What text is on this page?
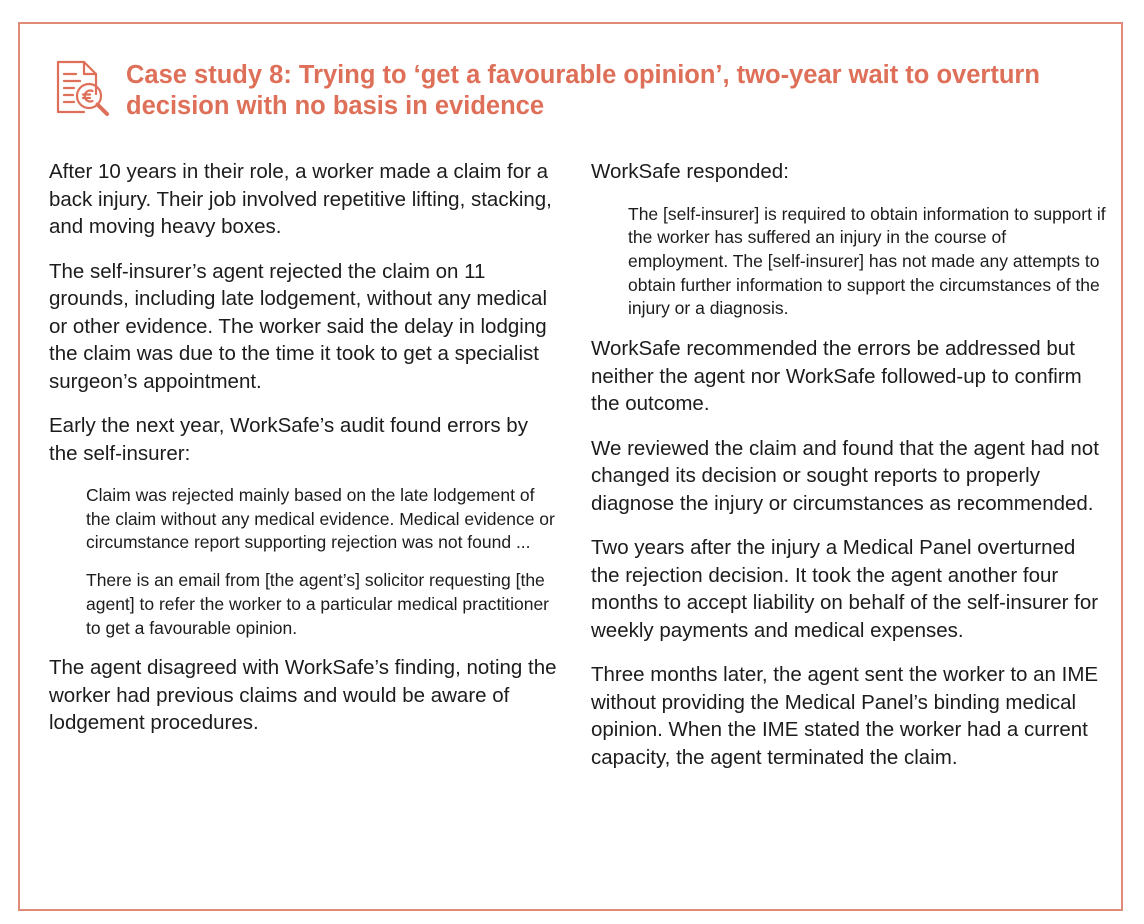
Case study 8: Trying to ‘get a favourable opinion’, two-year wait to overturn decision with no basis in evidence

After 10 years in their role, a worker made a claim for a back injury. Their job involved repetitive lifting, stacking, and moving heavy boxes.

The self-insurer’s agent rejected the claim on 11 grounds, including late lodgement, without any medical or other evidence. The worker said the delay in lodging the claim was due to the time it took to get a specialist surgeon’s appointment.

Early the next year, WorkSafe’s audit found errors by the self-insurer:

Claim was rejected mainly based on the late lodgement of the claim without any medical evidence. Medical evidence or circumstance report supporting rejection was not found ...

There is an email from [the agent’s] solicitor requesting [the agent] to refer the worker to a particular medical practitioner to get a favourable opinion.

The agent disagreed with WorkSafe’s finding, noting the worker had previous claims and would be aware of lodgement procedures.

WorkSafe responded:

The [self-insurer] is required to obtain information to support if the worker has suffered an injury in the course of employment. The [self-insurer] has not made any attempts to obtain further information to support the circumstances of the injury or a diagnosis.

WorkSafe recommended the errors be addressed but neither the agent nor WorkSafe followed-up to confirm the outcome.

We reviewed the claim and found that the agent had not changed its decision or sought reports to properly diagnose the injury or circumstances as recommended.

Two years after the injury a Medical Panel overturned the rejection decision. It took the agent another four months to accept liability on behalf of the self-insurer for weekly payments and medical expenses.

Three months later, the agent sent the worker to an IME without providing the Medical Panel’s binding medical opinion. When the IME stated the worker had a current capacity, the agent terminated the claim.
